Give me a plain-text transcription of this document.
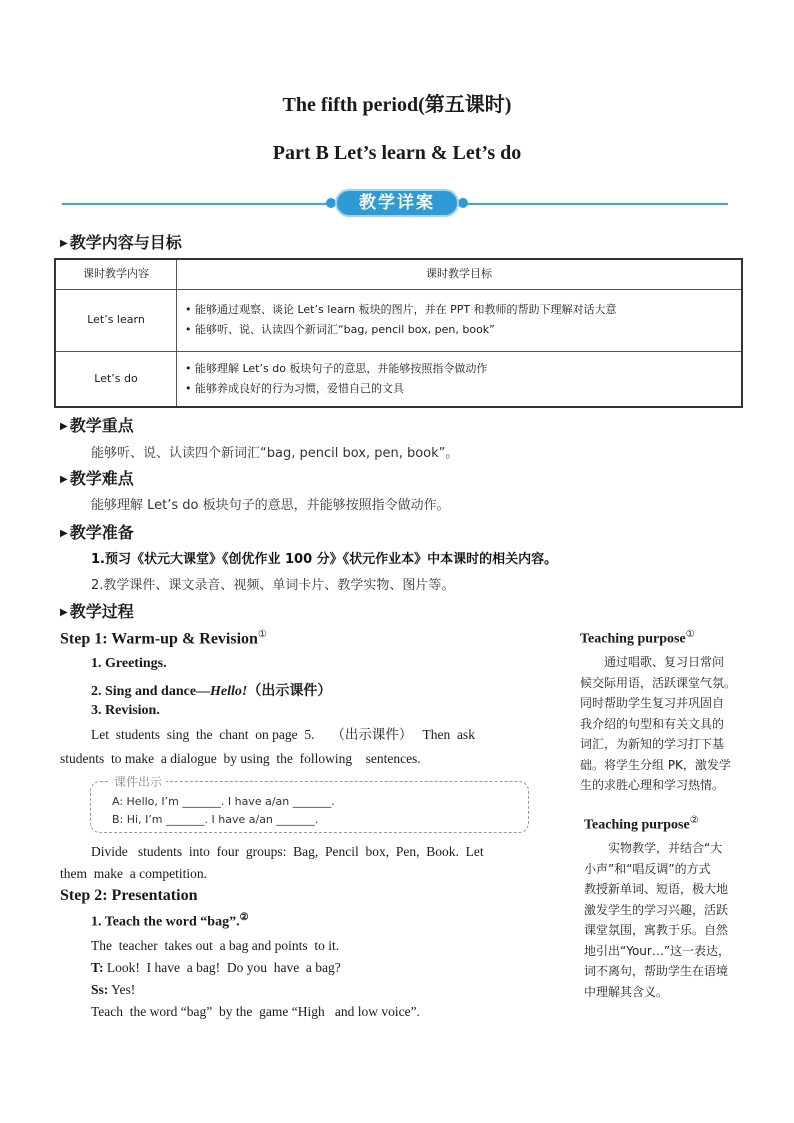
The fifth period(第五课时)
Part B Let’s learn & Let’s do
教学详案
▶ 教学内容与目标
课时教学内容	课时教学目标
Let’s learn	• 能够通过观察、谈论 Let’s learn 板块的图片，并在 PPT 和教师的帮助下理解对话大意
• 能够听、说、认读四个新词汇“bag, pencil box, pen, book”

Let’s do	• 能够理解 Let’s do 板块句子的意思，并能够按照指令做动作
• 能够养成良好的行为习惯，爱惜自己的文具
▶ 教学重点
能够听、说、认读四个新词汇“bag, pencil box, pen, book”。
▶ 教学难点
能够理解 Let’s do 板块句子的意思，并能够按照指令做动作。
▶ 教学准备
1.预习《状元大课堂》《创优作业 100 分》《状元作业本》中本课时的相关内容。
2.教学课件、课文录音、视频、单词卡片、教学实物、图片等。
▶ 教学过程
Step 1: Warm-up & Revision①
1. Greetings.
2. Sing and dance—Hello!（出示课件）
3. Revision.
Let  students  sing  the  chant  on page  5.     （出示课件）   Then  ask
students  to make  a dialogue  by using  the  following    sentences.
课件出示
A: Hello, I’m _______. I have a/an _______.
B: Hi, I’m _______. I have a/an _______.
Divide   students  into  four  groups:  Bag,  Pencil  box,  Pen,  Book.  Let
them  make  a competition.
Step 2: Presentation
1. Teach the word “bag”.②
The  teacher  takes out  a bag and points  to it.
T: Look!  I have  a bag!  Do you  have  a bag?
Ss: Yes!
Teach  the word “bag”  by the  game “High   and low voice”.
Teaching purpose①
　　通过唱歌、复习日常问
候交际用语，活跃课堂气氛。
同时帮助学生复习并巩固自
我介绍的句型和有关文具的
词汇，为新知的学习打下基
础。将学生分组 PK，激发学
生的求胜心理和学习热情。
Teaching purpose②
　　实物教学，并结合“大
小声”和“唱反调”的方式
教授新单词、短语，极大地
激发学生的学习兴趣，活跃
课堂氛围，寓教于乐。自然
地引出“Your…”这一表达，
词不离句，帮助学生在语境
中理解其含义。
